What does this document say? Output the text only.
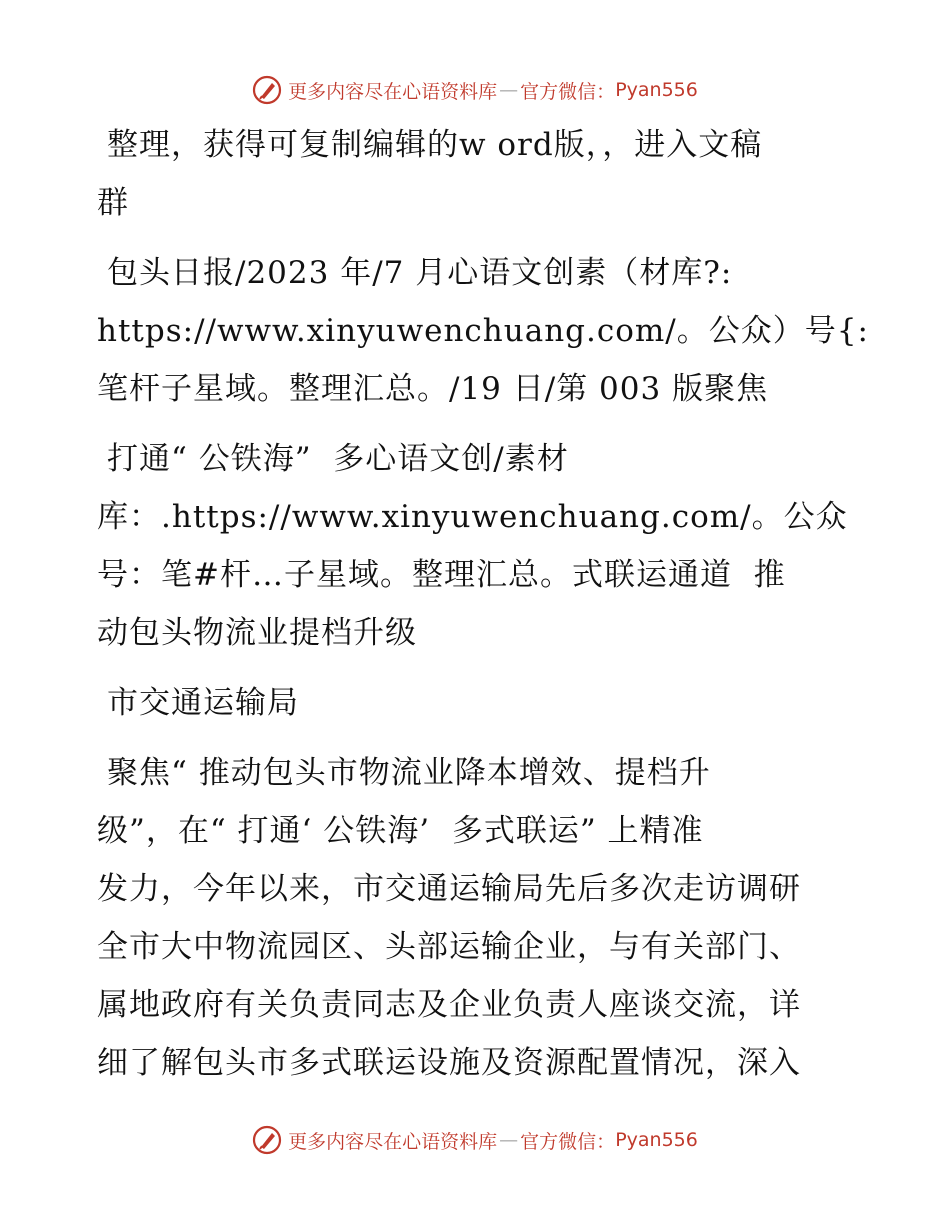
更多内容尽在心语资料库 — 官方微信： Pyan556

整理，获得可复制编辑的w ord版，，进入文稿
群

包头日报/2023 年/7 月心语文创素（材库?:
https://www.xinyuwenchuang.com/。公众）号{:
笔杆子星域。整理汇总。/19 日/第 003 版聚焦

打通“ 公铁海”  多心语文创/素材
库：.https://www.xinyuwenchuang.com/。公众
号：笔#杆…子星域。整理汇总。式联运通道  推
动包头物流业提档升级

市交通运输局

聚焦“ 推动包头市物流业降本增效、提档升
级”，在“ 打通‘ 公铁海’  多式联运” 上精准
发力，今年以来，市交通运输局先后多次走访调研
全市大中物流园区、头部运输企业，与有关部门、
属地政府有关负责同志及企业负责人座谈交流，详
细了解包头市多式联运设施及资源配置情况，深入

更多内容尽在心语资料库 — 官方微信： Pyan556
